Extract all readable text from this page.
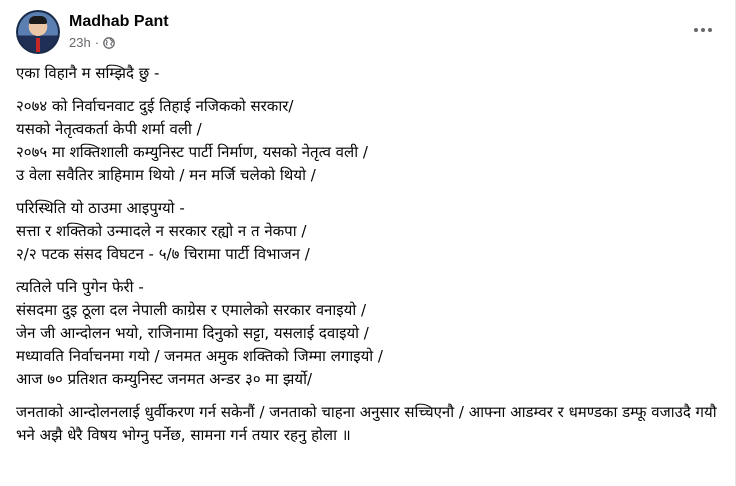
Madhab Pant
23h ·

एका विहानै म सम्झिदै छु -

२०७४ को निर्वाचनवाट दुई तिहाई नजिकको सरकार/
यसको नेतृत्वकर्ता केपी शर्मा वली /
२०७५ मा शक्तिशाली कम्युनिस्ट पार्टी निर्माण, यसको नेतृत्व वली /
उ वेला सवैतिर त्राहिमाम थियो / मन मर्जि चलेको थियो /

परिस्थिति यो ठाउमा आइपुग्यो -
सत्ता र शक्तिको उन्मादले न सरकार रह्यो न त नेकपा /
२/२ पटक संसद विघटन - ५/७ चिरामा पार्टी विभाजन /

त्यतिले पनि पुगेन फेरी -
संसदमा दुइ ठूला दल नेपाली काग्रेस र एमालेको सरकार वनाइयो /
जेन जी आन्दोलन भयो, राजिनामा दिनुको सट्टा, यसलाई दवाइयो /
मध्यावति निर्वाचनमा गयो / जनमत अमुक शक्तिको जिम्मा लगाइयो /
आज ७० प्रतिशत कम्युनिस्ट जनमत अन्डर ३० मा झर्यो/

जनताको आन्दोलनलाई धुर्वीकरण गर्न सकेनौं / जनताको चाहना अनुसार सच्चिएनौ / आफ्ना आडम्वर र धमण्डका डम्फू वजाउदै गयौ भने अझै धेरै विषय भोग्नु पर्नेछ, सामना गर्न तयार रहनु होला ॥
